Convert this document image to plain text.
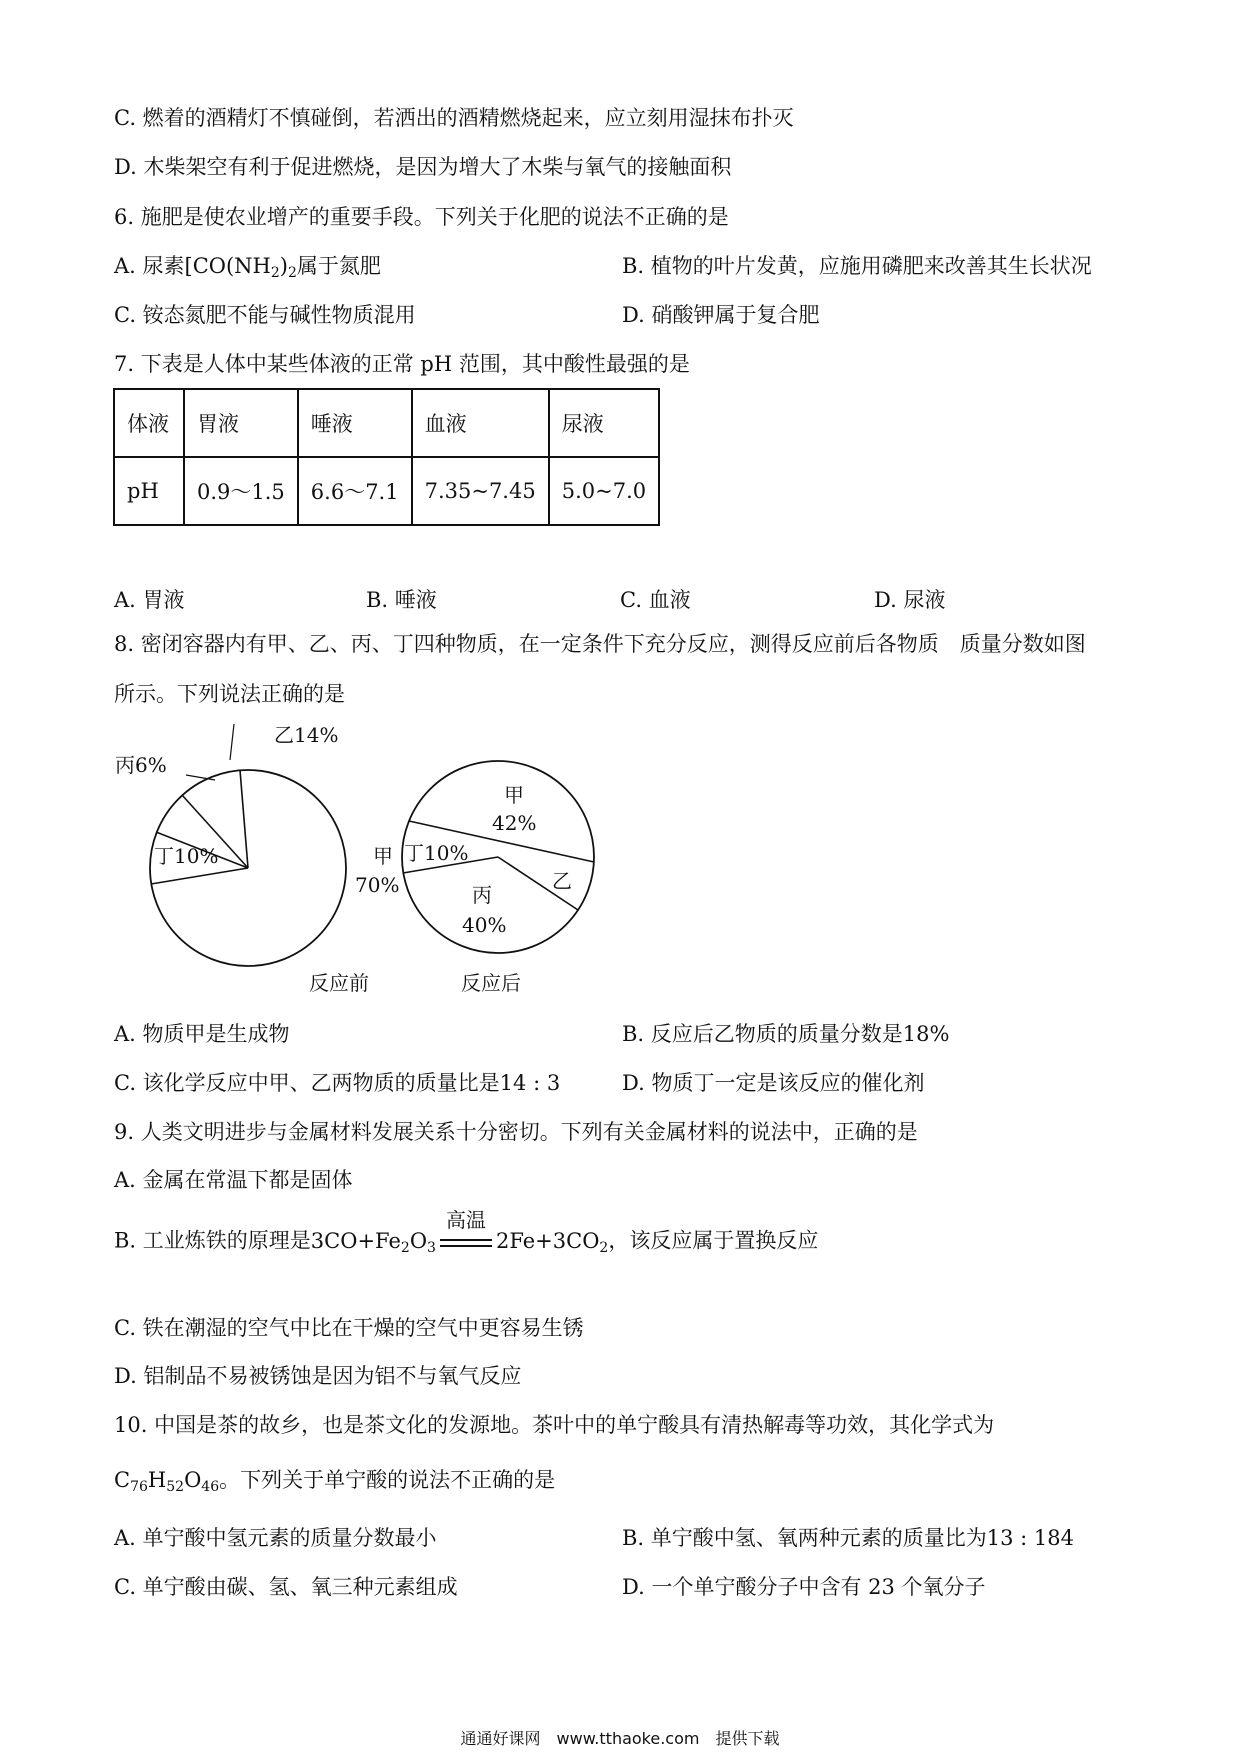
C. 燃着的酒精灯不慎碰倒，若洒出的酒精燃烧起来，应立刻用湿抹布扑灭
D. 木柴架空有利于促进燃烧，是因为增大了木柴与氧气的接触面积
6. 施肥是使农业增产的重要手段。下列关于化肥的说法不正确的是
A. 尿素[$CO(NH_2)_2$属于氮肥	B. 植物的叶片发黄，应施用磷肥来改善其生长状况
C. 铵态氮肥不能与碱性物质混用	D. 硝酸钾属于复合肥
7. 下表是人体中某些体液的正常 pH 范围，其中酸性最强的是
体液	胃液	唾液	血液	尿液
pH	0.9～1.5	6.6～7.1	7.35~7.45	5.0~7.0
A. 胃液	B. 唾液	C. 血液	D. 尿液
8. 密闭容器内有甲、乙、丙、丁四种物质，在一定条件下充分反应，测得反应前后各物质　质量分数如图
所示。下列说法正确的是
乙14%
丙6%
丁10%	甲
70%
反应前
甲
42%
丁10%
乙
丙
40%
反应后
A. 物质甲是生成物	B. 反应后乙物质的质量分数是18%
C. 该化学反应中甲、乙两物质的质量比是14 : 3	D. 物质丁一定是该反应的催化剂
9. 人类文明进步与金属材料发展关系十分密切。下列有关金属材料的说法中，正确的是
A. 金属在常温下都是固体
B. 工业炼铁的原理是$3CO+Fe_2O_3$
高温
$2Fe+3CO_2$，该反应属于置换反应
C. 铁在潮湿的空气中比在干燥的空气中更容易生锈
D. 铝制品不易被锈蚀是因为铝不与氧气反应
10. 中国是茶的故乡，也是茶文化的发源地。茶叶中的单宁酸具有清热解毒等功效，其化学式为
$C_{76}H_{52}O_{46}$。下列关于单宁酸的说法不正确的是
A. 单宁酸中氢元素的质量分数最小	B. 单宁酸中氢、氧两种元素的质量比为13 : 184
C. 单宁酸由碳、氢、氧三种元素组成	D. 一个单宁酸分子中含有 23 个氧分子
通通好课网　www.tthaoke.com　提供下载
